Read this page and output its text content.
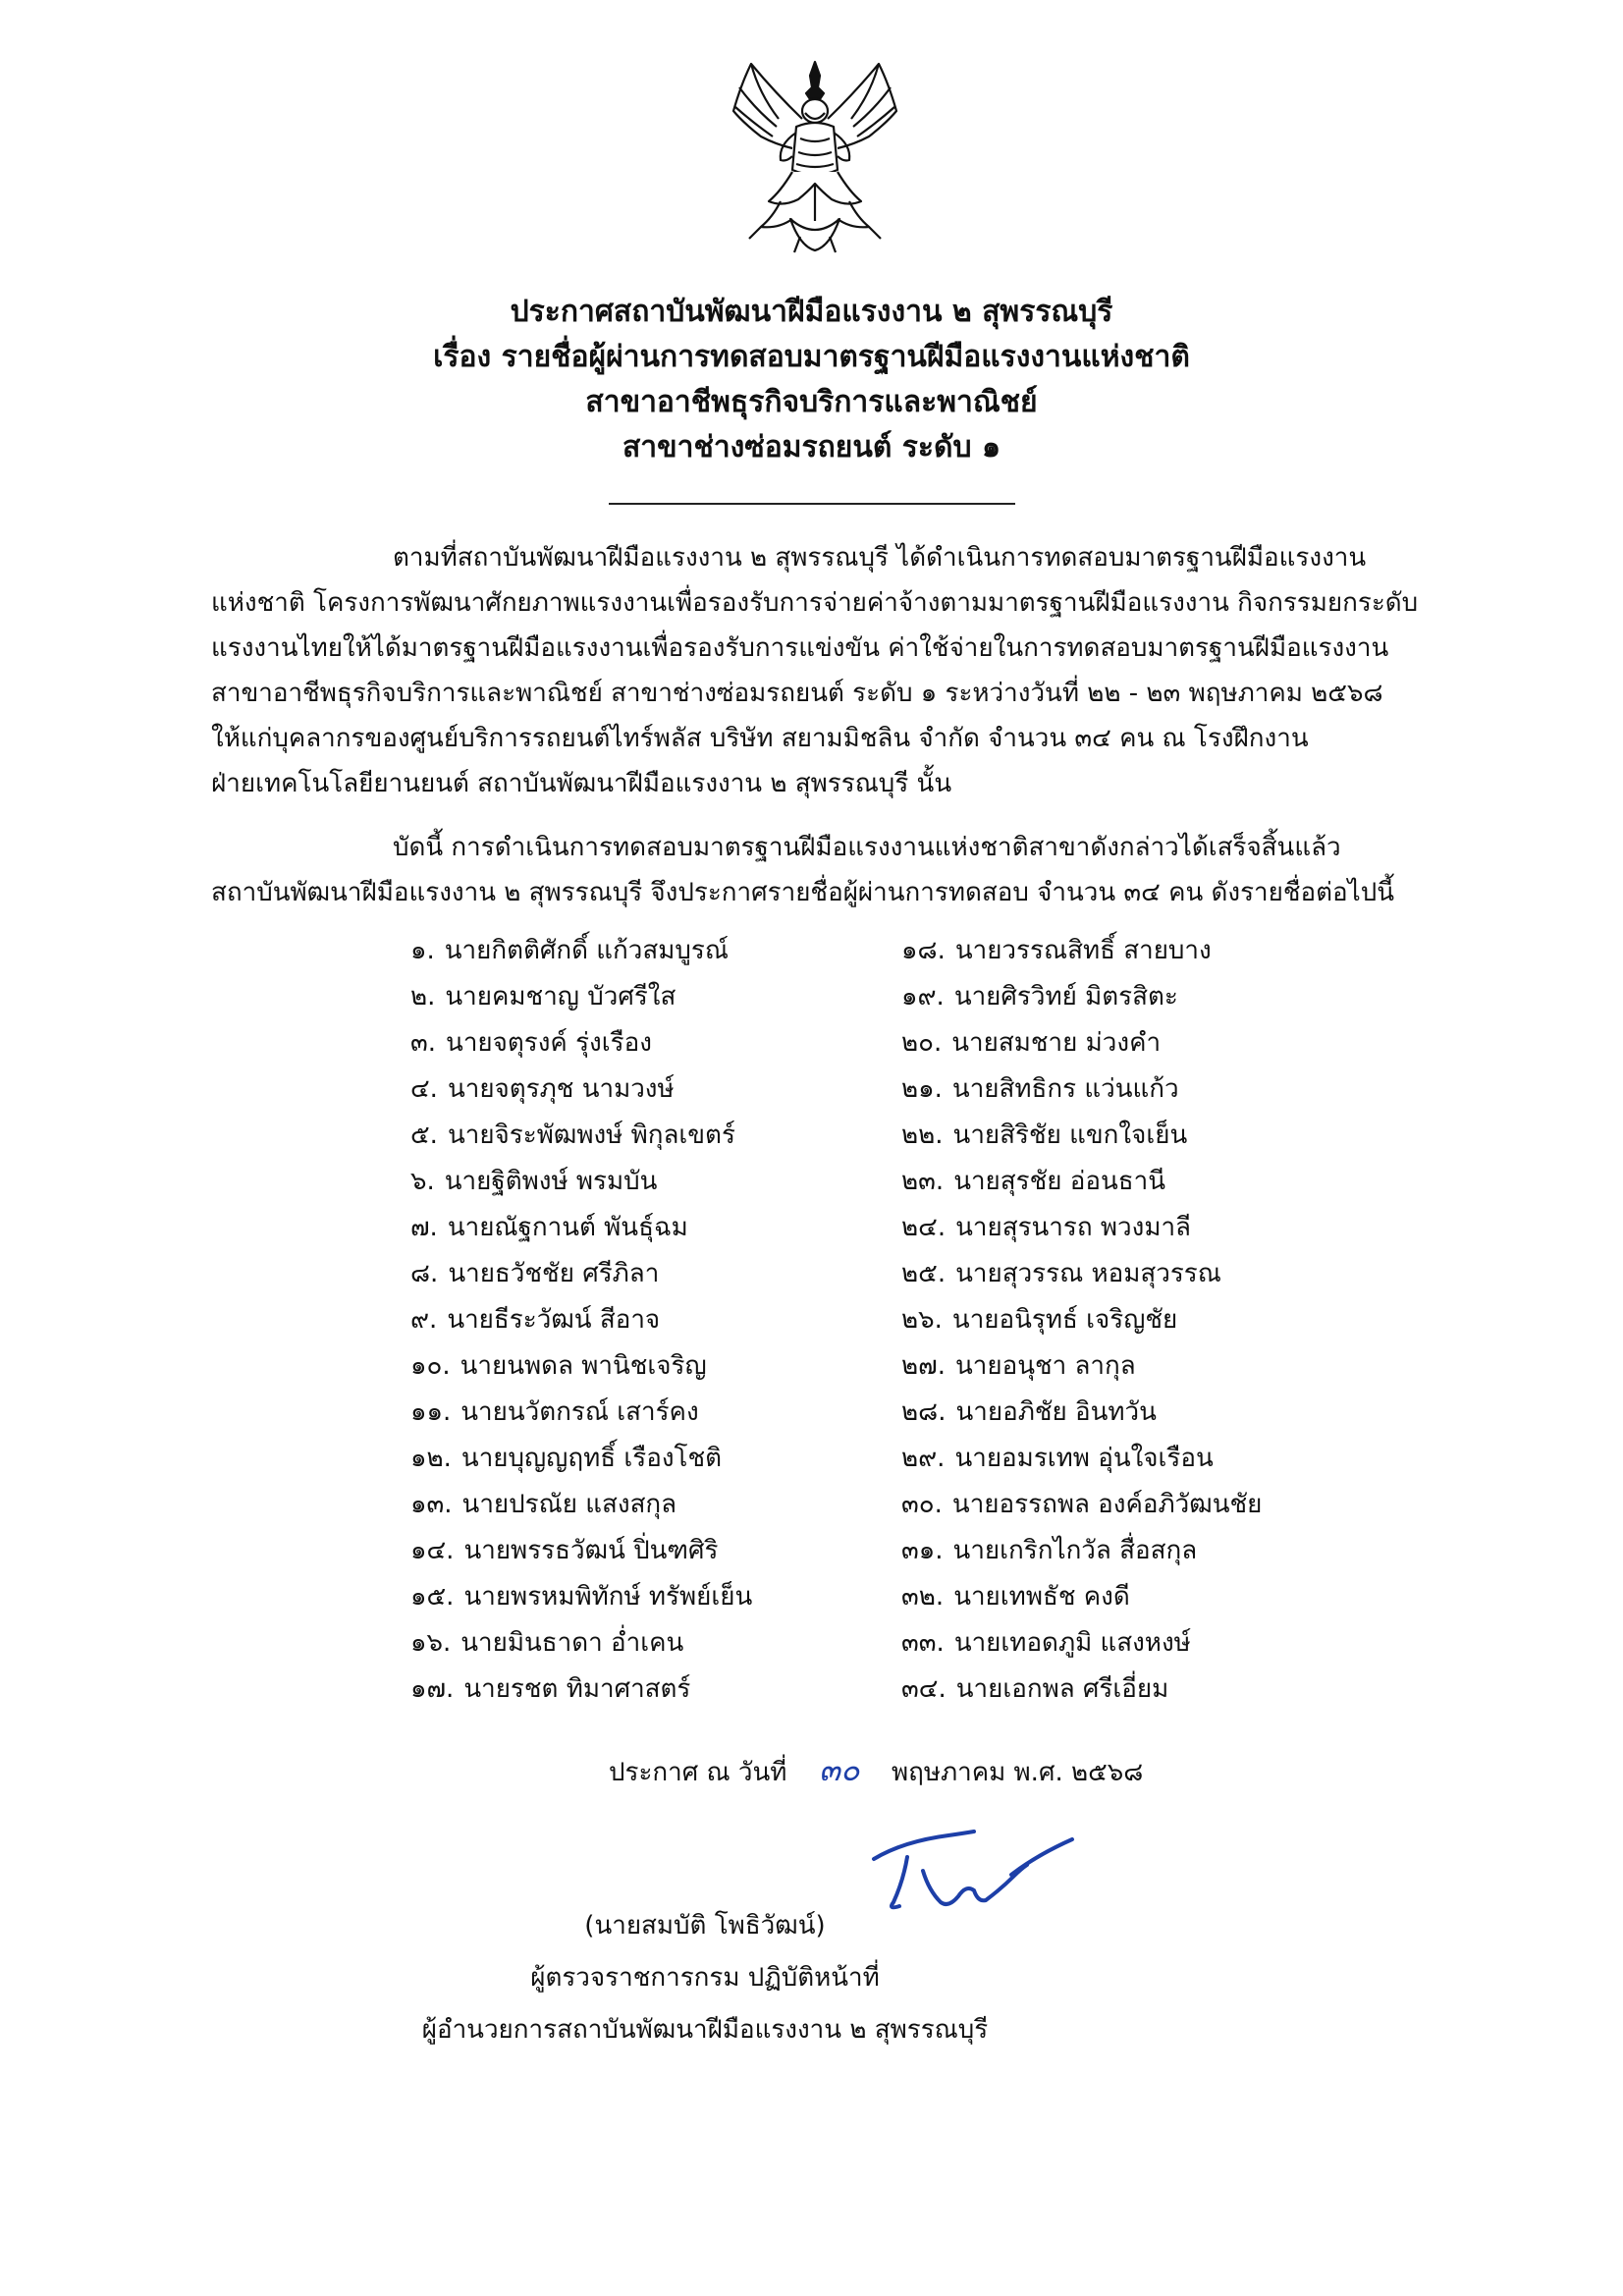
ประกาศสถาบันพัฒนาฝีมือแรงงาน ๒ สุพรรณบุรี
เรื่อง รายชื่อผู้ผ่านการทดสอบมาตรฐานฝีมือแรงงานแห่งชาติ
สาขาอาชีพธุรกิจบริการและพาณิชย์
สาขาช่างซ่อมรถยนต์ ระดับ ๑
ตามที่สถาบันพัฒนาฝีมือแรงงาน ๒ สุพรรณบุรี ได้ดำเนินการทดสอบมาตรฐานฝีมือแรงงาน
แห่งชาติ โครงการพัฒนาศักยภาพแรงงานเพื่อรองรับการจ่ายค่าจ้างตามมาตรฐานฝีมือแรงงาน กิจกรรมยกระดับ
แรงงานไทยให้ได้มาตรฐานฝีมือแรงงานเพื่อรองรับการแข่งขัน ค่าใช้จ่ายในการทดสอบมาตรฐานฝีมือแรงงาน
สาขาอาชีพธุรกิจบริการและพาณิชย์ สาขาช่างซ่อมรถยนต์ ระดับ ๑ ระหว่างวันที่ ๒๒ - ๒๓ พฤษภาคม ๒๕๖๘
ให้แก่บุคลากรของศูนย์บริการรถยนต์ไทร์พลัส บริษัท สยามมิชลิน จำกัด จำนวน ๓๔ คน ณ โรงฝึกงาน
ฝ่ายเทคโนโลยียานยนต์ สถาบันพัฒนาฝีมือแรงงาน ๒ สุพรรณบุรี นั้น
บัดนี้ การดำเนินการทดสอบมาตรฐานฝีมือแรงงานแห่งชาติสาขาดังกล่าวได้เสร็จสิ้นแล้ว
สถาบันพัฒนาฝีมือแรงงาน ๒ สุพรรณบุรี จึงประกาศรายชื่อผู้ผ่านการทดสอบ จำนวน ๓๔ คน ดังรายชื่อต่อไปนี้
๑. นายกิตติศักดิ์ แก้วสมบูรณ์
๒. นายคมชาญ บัวศรีใส
๓. นายจตุรงค์ รุ่งเรือง
๔. นายจตุรภุช นามวงษ์
๕. นายจิระพัฒพงษ์ พิกุลเขตร์
๖. นายฐิติพงษ์ พรมบัน
๗. นายณัฐกานต์ พันธุ์ฉม
๘. นายธวัชชัย ศรีภิลา
๙. นายธีระวัฒน์ สีอาจ
๑๐. นายนพดล พานิชเจริญ
๑๑. นายนวัตกรณ์ เสาร์คง
๑๒. นายบุญญฤทธิ์ เรืองโชติ
๑๓. นายปรณัย แสงสกุล
๑๔. นายพรรธวัฒน์ ปิ่นฑศิริ
๑๕. นายพรหมพิทักษ์ ทรัพย์เย็น
๑๖. นายมินธาดา อ่ำเคน
๑๗. นายรชต ทิมาศาสตร์
๑๘. นายวรรณสิทธิ์ สายบาง
๑๙. นายศิรวิทย์ มิตรสิตะ
๒๐. นายสมชาย ม่วงคำ
๒๑. นายสิทธิกร แว่นแก้ว
๒๒. นายสิริชัย แขกใจเย็น
๒๓. นายสุรชัย อ่อนธานี
๒๔. นายสุรนารถ พวงมาลี
๒๕. นายสุวรรณ หอมสุวรรณ
๒๖. นายอนิรุทธ์ เจริญชัย
๒๗. นายอนุชา ลากุล
๒๘. นายอภิชัย อินทวัน
๒๙. นายอมรเทพ อุ่นใจเรือน
๓๐. นายอรรถพล องค์อภิวัฒนชัย
๓๑. นายเกริกไกวัล สื่อสกุล
๓๒. นายเทพธัช คงดี
๓๓. นายเทอดภูมิ แสงหงษ์
๓๔. นายเอกพล ศรีเอี่ยม
ประกาศ ณ วันที่ ๓๐ พฤษภาคม พ.ศ. ๒๕๖๘
(นายสมบัติ โพธิวัฒน์)
ผู้ตรวจราชการกรม ปฏิบัติหน้าที่
ผู้อำนวยการสถาบันพัฒนาฝีมือแรงงาน ๒ สุพรรณบุรี
